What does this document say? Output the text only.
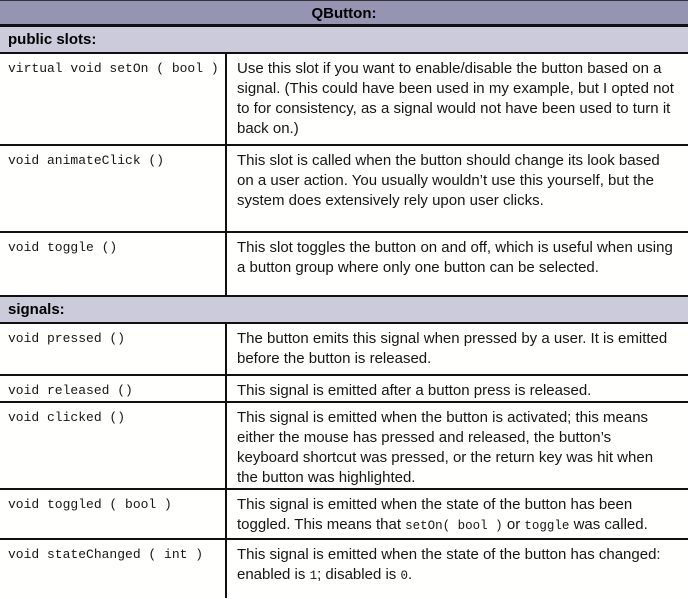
QButton:
public slots:
virtual void setOn ( bool )	Use this slot if you want to enable/disable the button based on a signal. (This could have been used in my example, but I opted not to for consistency, as a signal would not have been used to turn it back on.)
void animateClick ()	This slot is called when the button should change its look based on a user action. You usually wouldn’t use this yourself, but the system does extensively rely upon user clicks.
void toggle ()	This slot toggles the button on and off, which is useful when using a button group where only one button can be selected.
signals:
void pressed ()	The button emits this signal when pressed by a user. It is emitted before the button is released.
void released ()	This signal is emitted after a button press is released.
void clicked ()	This signal is emitted when the button is activated; this means either the mouse has pressed and released, the button’s keyboard shortcut was pressed, or the return key was hit when the button was highlighted.
void toggled ( bool )	This signal is emitted when the state of the button has been toggled. This means that setOn( bool ) or toggle was called.
void stateChanged ( int )	This signal is emitted when the state of the button has changed: enabled is 1; disabled is 0.
